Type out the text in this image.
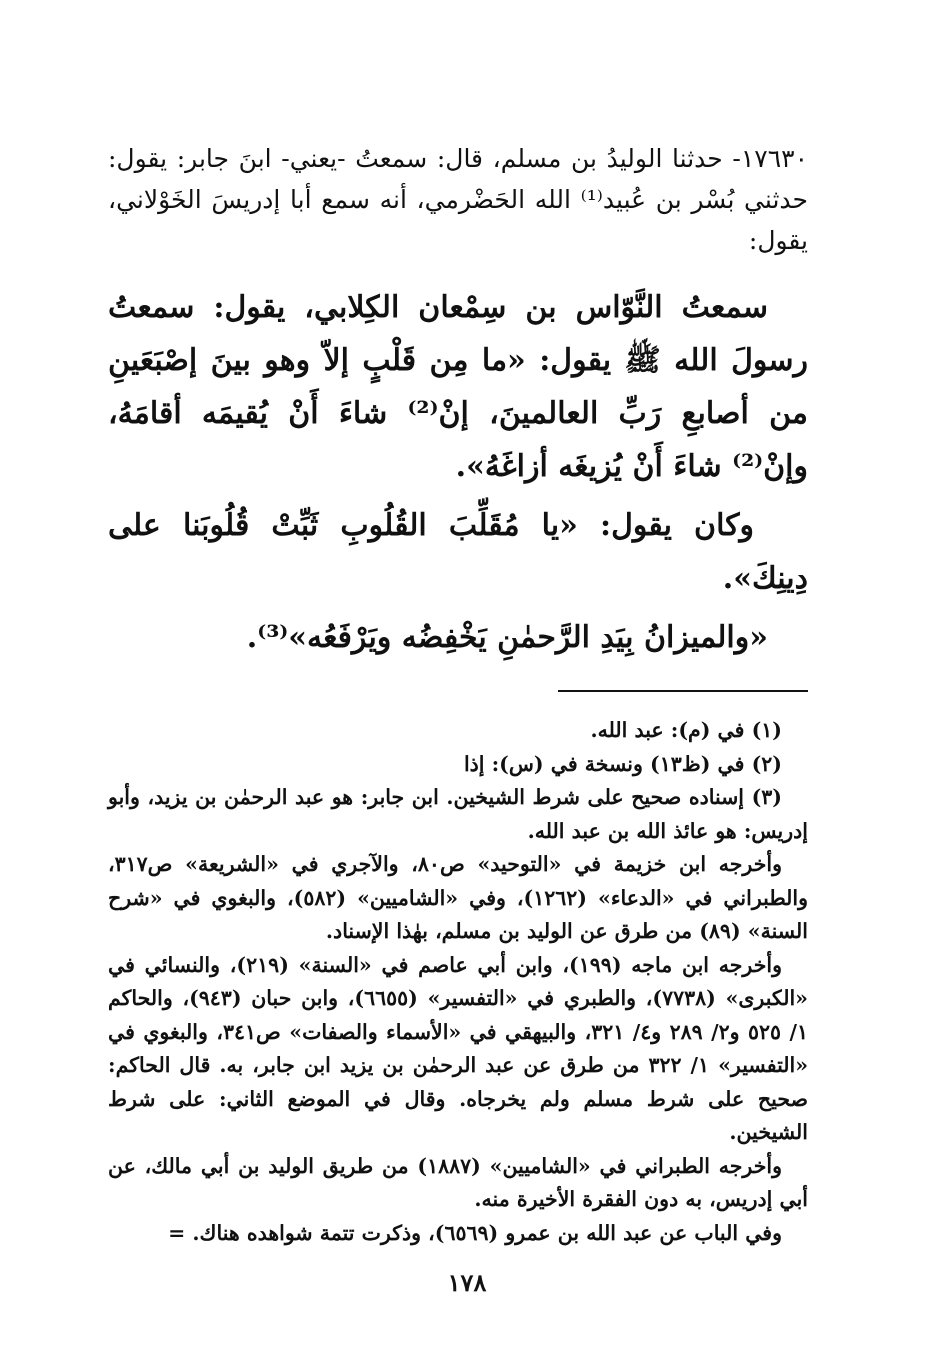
١٧٦٣٠- حدثنا الوليدُ بن مسلم، قال: سمعتُ -يعني- ابنَ جابر: يقول: حدثني بُسْر بن عُبيد⁽¹⁾ الله الحَضْرمي، أنه سمع أبا إدريسَ الخَوْلاني، يقول:

سمعتُ النَّوّاس بن سِمْعان الكِلابي، يقول: سمعتُ رسولَ الله ﷺ يقول: «ما مِن قَلْبٍ إلاّ وهو بينَ إصْبَعَينِ من أصابعِ رَبِّ العالمينَ، إنْ⁽²⁾ شاءَ أَنْ يُقيمَه أقامَهُ، وإنْ⁽²⁾ شاءَ أَنْ يُزيغَه أزاغَهُ».

وكان يقول: «يا مُقَلِّبَ القُلُوبِ ثَبِّتْ قُلُوبَنا على دِينِكَ».

«والميزانُ بِيَدِ الرَّحمٰنِ يَخْفِضُه ويَرْفَعُه»⁽³⁾.

(١) في (م): عبد الله.

(٢) في (ظ١٣) ونسخة في (س): إذا

(٣) إسناده صحيح على شرط الشيخين. ابن جابر: هو عبد الرحمٰن بن يزيد، وأبو إدريس: هو عائذ الله بن عبد الله.

وأخرجه ابن خزيمة في «التوحيد» ص٨٠، والآجري في «الشريعة» ص٣١٧، والطبراني في «الدعاء» (١٢٦٢)، وفي «الشاميين» (٥٨٢)، والبغوي في «شرح السنة» (٨٩) من طرق عن الوليد بن مسلم، بهٰذا الإسناد.

وأخرجه ابن ماجه (١٩٩)، وابن أبي عاصم في «السنة» (٢١٩)، والنسائي في «الكبرى» (٧٧٣٨)، والطبري في «التفسير» (٦٦٥٥)، وابن حبان (٩٤٣)، والحاكم ١/ ٥٢٥ و٢/ ٢٨٩ و٤/ ٣٢١، والبيهقي في «الأسماء والصفات» ص٣٤١، والبغوي في «التفسير» ١/ ٣٢٢ من طرق عن عبد الرحمٰن بن يزيد ابن جابر، به. قال الحاكم: صحيح على شرط مسلم ولم يخرجاه. وقال في الموضع الثاني: على شرط الشيخين.

وأخرجه الطبراني في «الشاميين» (١٨٨٧) من طريق الوليد بن أبي مالك، عن أبي إدريس، به دون الفقرة الأخيرة منه.

وفي الباب عن عبد الله بن عمرو (٦٥٦٩)، وذكرت تتمة شواهده هناك. =

١٧٨
